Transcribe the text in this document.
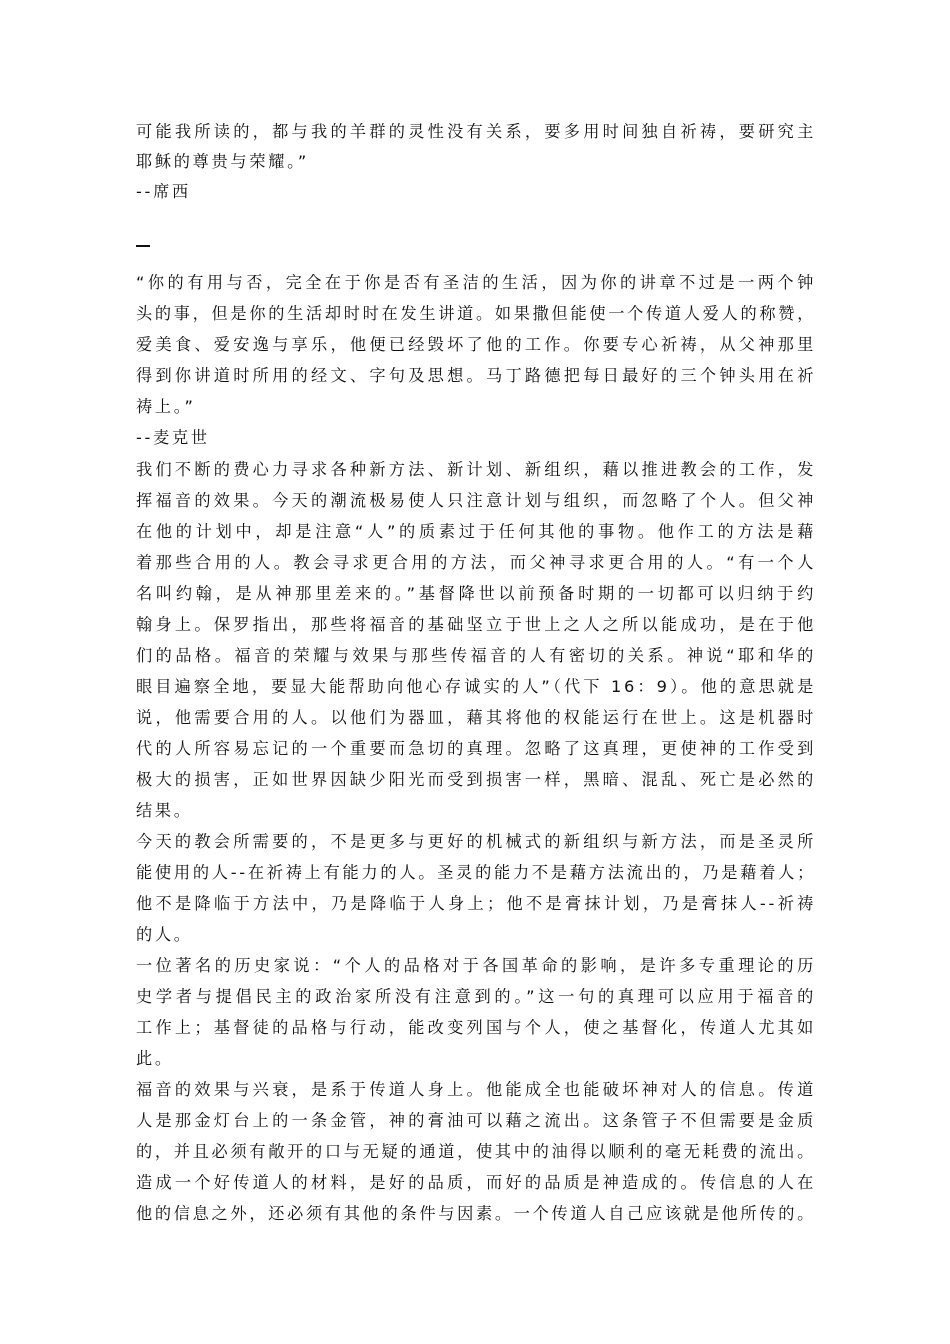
可能我所读的，都与我的羊群的灵性没有关系，要多用时间独自祈祷，要研究主
耶稣的尊贵与荣耀。”
--席西
“你的有用与否，完全在于你是否有圣洁的生活，因为你的讲章不过是一两个钟
头的事，但是你的生活却时时在发生讲道。如果撒但能使一个传道人爱人的称赞，
爱美食、爱安逸与享乐，他便已经毁坏了他的工作。你要专心祈祷，从父神那里
得到你讲道时所用的经文、字句及思想。马丁路德把每日最好的三个钟头用在祈
祷上。”
--麦克世
我们不断的费心力寻求各种新方法、新计划、新组织，藉以推进教会的工作，发
挥福音的效果。今天的潮流极易使人只注意计划与组织，而忽略了个人。但父神
在他的计划中，却是注意“人”的质素过于任何其他的事物。他作工的方法是藉
着那些合用的人。教会寻求更合用的方法，而父神寻求更合用的人。“有一个人
名叫约翰，是从神那里差来的。”基督降世以前预备时期的一切都可以归纳于约
翰身上。保罗指出，那些将福音的基础坚立于世上之人之所以能成功，是在于他
们的品格。福音的荣耀与效果与那些传福音的人有密切的关系。神说“耶和华的
眼目遍察全地，要显大能帮助向他心存诚实的人”（代下 16：9）。他的意思就是
说，他需要合用的人。以他们为器皿，藉其将他的权能运行在世上。这是机器时
代的人所容易忘记的一个重要而急切的真理。忽略了这真理，更使神的工作受到
极大的损害，正如世界因缺少阳光而受到损害一样，黑暗、混乱、死亡是必然的
结果。
今天的教会所需要的，不是更多与更好的机械式的新组织与新方法，而是圣灵所
能使用的人--在祈祷上有能力的人。圣灵的能力不是藉方法流出的，乃是藉着人；
他不是降临于方法中，乃是降临于人身上；他不是膏抹计划，乃是膏抹人--祈祷
的人。
一位著名的历史家说：“个人的品格对于各国革命的影响，是许多专重理论的历
史学者与提倡民主的政治家所没有注意到的。”这一句的真理可以应用于福音的
工作上；基督徒的品格与行动，能改变列国与个人，使之基督化，传道人尤其如
此。
福音的效果与兴衰，是系于传道人身上。他能成全也能破坏神对人的信息。传道
人是那金灯台上的一条金管，神的膏油可以藉之流出。这条管子不但需要是金质
的，并且必须有敞开的口与无疑的通道，使其中的油得以顺利的毫无耗费的流出。
造成一个好传道人的材料，是好的品质，而好的品质是神造成的。传信息的人在
他的信息之外，还必须有其他的条件与因素。一个传道人自己应该就是他所传的。
